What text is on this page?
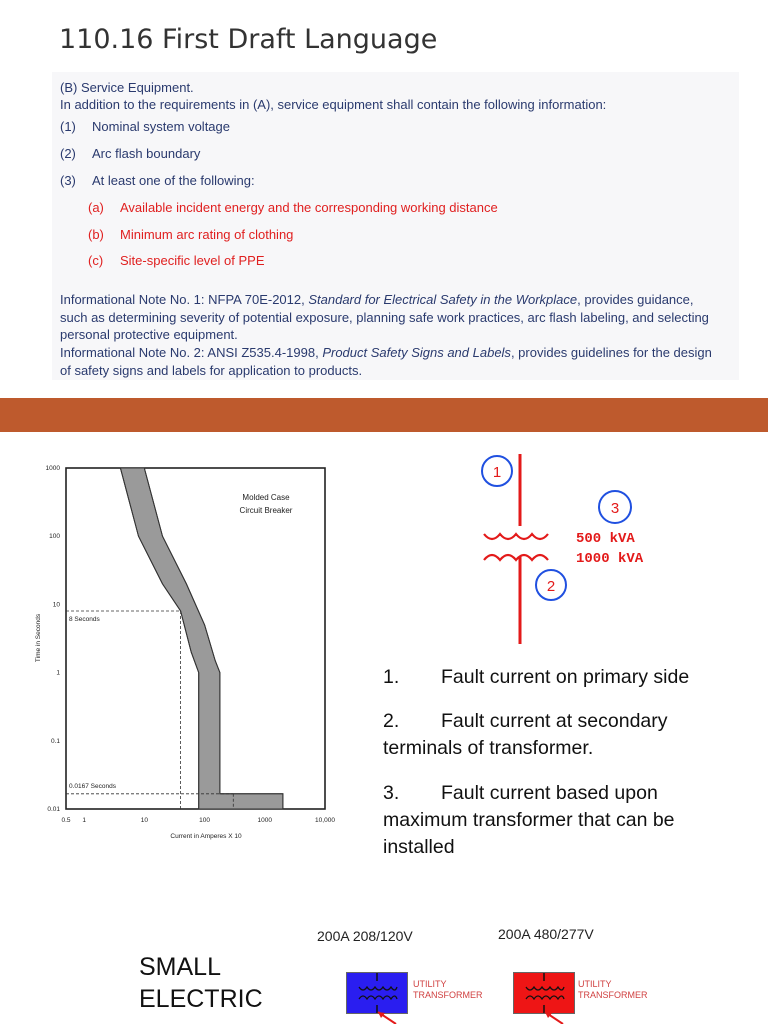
110.16 First Draft Language
(B) Service Equipment.
In addition to the requirements in (A), service equipment shall contain the following information:
(1) Nominal system voltage
(2) Arc flash boundary
(3) At least one of the following:
(a) Available incident energy and the corresponding working distance
(b) Minimum arc rating of clothing
(c) Site-specific level of PPE
Informational Note No. 1: NFPA 70E-2012, Standard for Electrical Safety in the Workplace, provides guidance, such as determining severity of potential exposure, planning safe work practices, arc flash labeling, and selecting personal protective equipment.
Informational Note No. 2: ANSI Z535.4-1998, Product Safety Signs and Labels, provides guidelines for the design of safety signs and labels for application to products.
1000
100
10
1
0.1
0.01
0.5 1	10	100	1000	10,000
Molded Case
Circuit Breaker
Current in Amperes X 10
Time in Seconds	8 Seconds
0.0167 Seconds
1
2
3
500 kVA
1000 kVA
1. Fault current on primary side
2. Fault current at secondary terminals of transformer.
3. Fault current based upon maximum transformer that can be installed
200A 208/120V	200A 480/277V
SMALL
ELECTRIC
UTILITY
TRANSFORMER
UTILITY
TRANSFORMER
